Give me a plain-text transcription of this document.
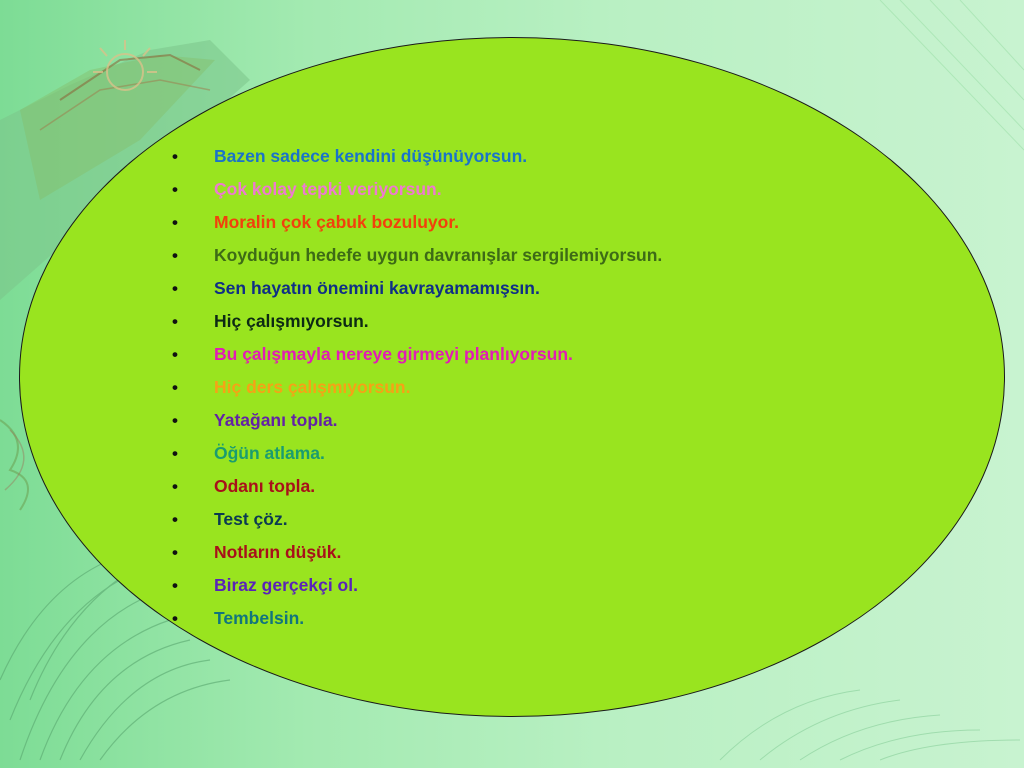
•	Bazen sadece kendini düşünüyorsun.
•	Çok kolay tepki veriyorsun.
•	Moralin çok çabuk bozuluyor.
•	Koyduğun hedefe uygun davranışlar sergilemiyorsun.
•	Sen hayatın önemini kavrayamamışsın.
•	Hiç çalışmıyorsun.
•	Bu çalışmayla nereye girmeyi planlıyorsun.
•	Hiç ders çalışmıyorsun.
•	Yatağanı topla.
•	Öğün atlama.
•	Odanı topla.
•	Test çöz.
•	Notların düşük.
•	Biraz gerçekçi ol.
•	Tembelsin.
